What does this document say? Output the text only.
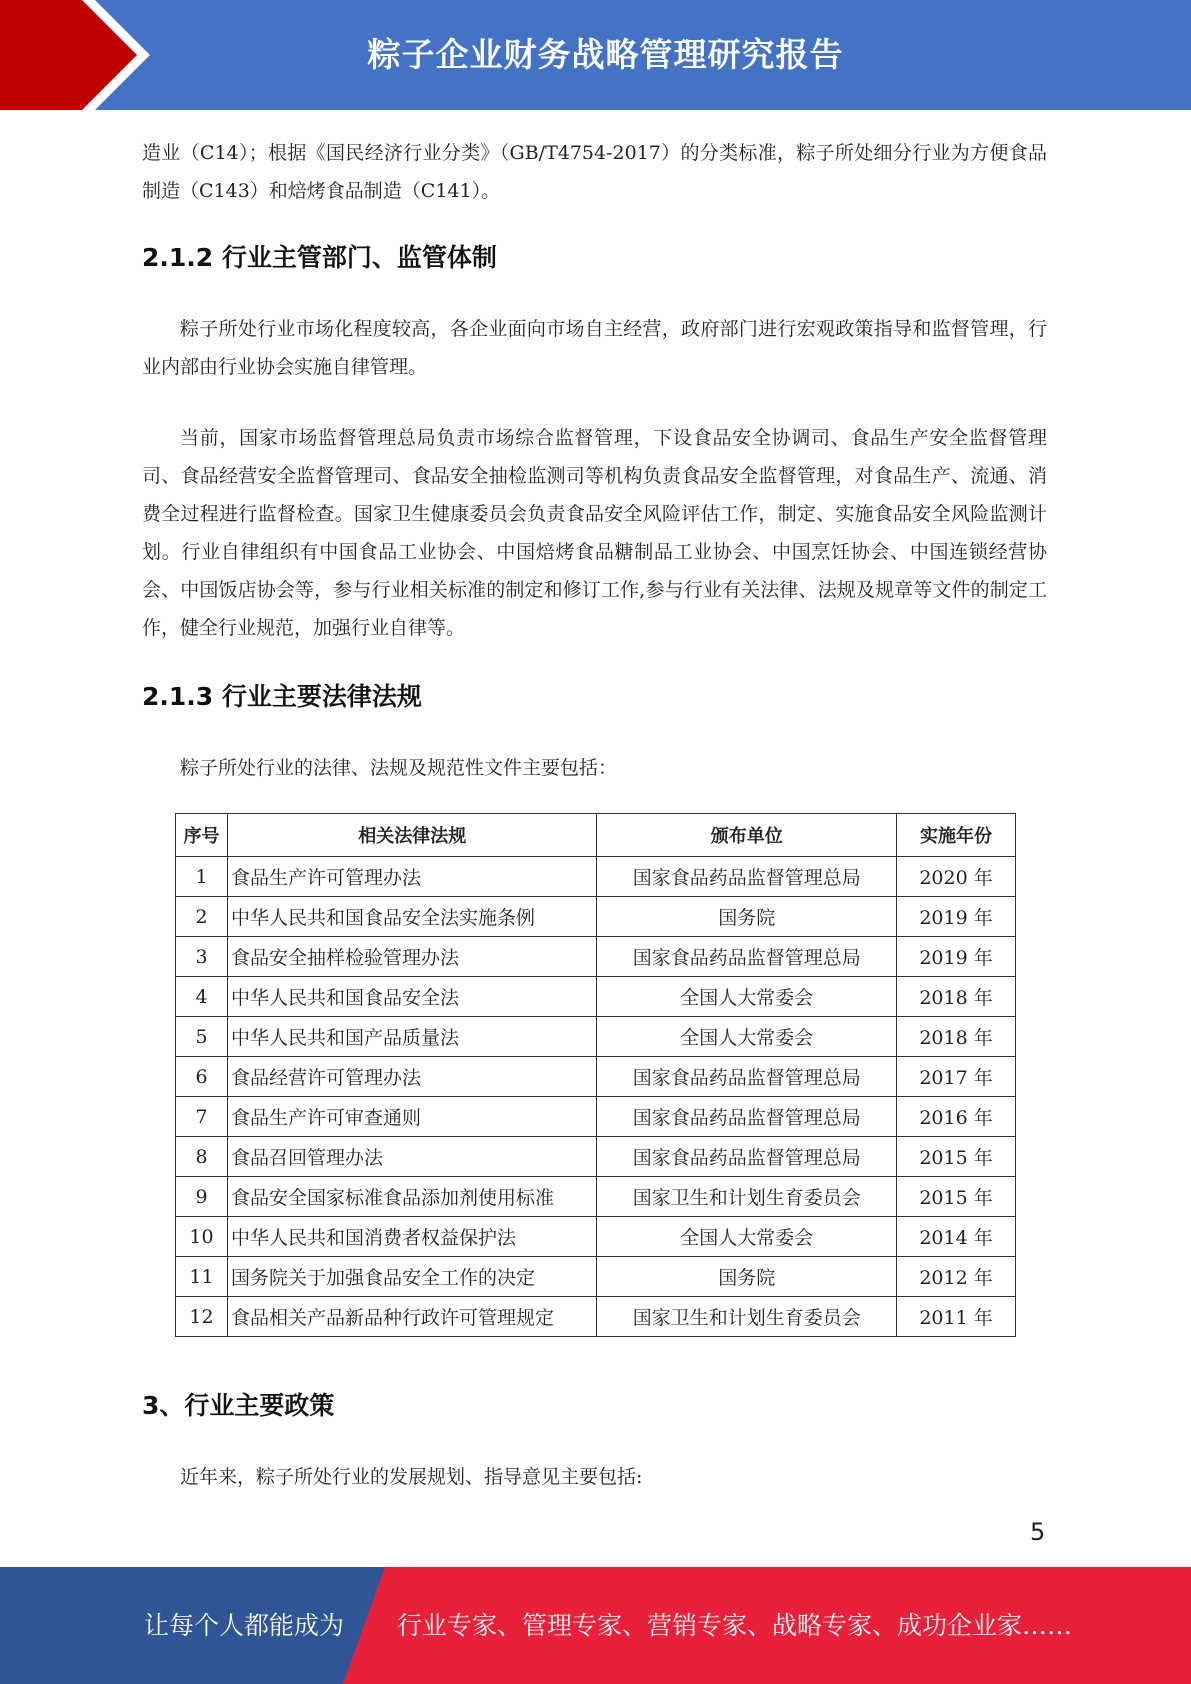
粽子企业财务战略管理研究报告

造业（C14）；根据《国民经济行业分类》（GB/T4754-2017）的分类标准，粽子所处细分行业为方便食品制造（C143）和焙烤食品制造（C141）。

2.1.2 行业主管部门、监管体制

粽子所处行业市场化程度较高，各企业面向市场自主经营，政府部门进行宏观政策指导和监督管理，行业内部由行业协会实施自律管理。

当前，国家市场监督管理总局负责市场综合监督管理，下设食品安全协调司、食品生产安全监督管理司、食品经营安全监督管理司、食品安全抽检监测司等机构负责食品安全监督管理，对食品生产、流通、消费全过程进行监督检查。国家卫生健康委员会负责食品安全风险评估工作，制定、实施食品安全风险监测计划。行业自律组织有中国食品工业协会、中国焙烤食品糖制品工业协会、中国烹饪协会、中国连锁经营协会、中国饭店协会等，参与行业相关标准的制定和修订工作,参与行业有关法律、法规及规章等文件的制定工作，健全行业规范，加强行业自律等。

2.1.3 行业主要法律法规

粽子所处行业的法律、法规及规范性文件主要包括：

序号	相关法律法规	颁布单位	实施年份
1	食品生产许可管理办法	国家食品药品监督管理总局	2020 年
2	中华人民共和国食品安全法实施条例	国务院	2019 年
3	食品安全抽样检验管理办法	国家食品药品监督管理总局	2019 年
4	中华人民共和国食品安全法	全国人大常委会	2018 年
5	中华人民共和国产品质量法	全国人大常委会	2018 年
6	食品经营许可管理办法	国家食品药品监督管理总局	2017 年
7	食品生产许可审查通则	国家食品药品监督管理总局	2016 年
8	食品召回管理办法	国家食品药品监督管理总局	2015 年
9	食品安全国家标准食品添加剂使用标准	国家卫生和计划生育委员会	2015 年
10	中华人民共和国消费者权益保护法	全国人大常委会	2014 年
11	国务院关于加强食品安全工作的决定	国务院	2012 年
12	食品相关产品新品种行政许可管理规定	国家卫生和计划生育委员会	2011 年
3、行业主要政策

近年来，粽子所处行业的发展规划、指导意见主要包括:

5
让每个人都能成为 行业专家、管理专家、营销专家、战略专家、成功企业家……
